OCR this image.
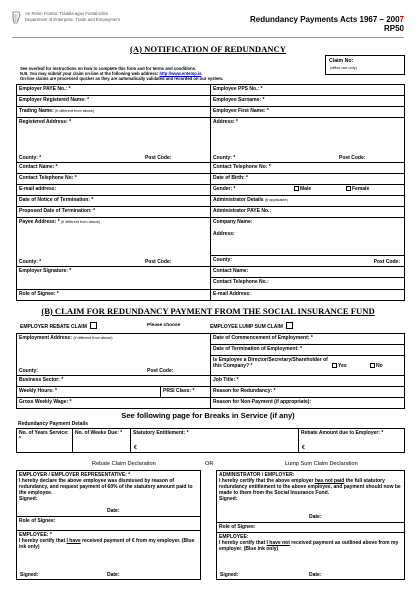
An Roinn Fiontar, Trádála agus Fostaíochta
Department of Enterprise, Trade and Employment	Redundancy Payments Acts 1967 – 2007
RP50
(A) NOTIFICATION OF REDUNDANCY
See overleaf for instructions on how to complete this form and for terms and conditions.
N.B. You may submit your claim on-line at the following web address: http://www.entemp.ie.
On-line claims are processed quicker as they are automatically validated and recorded on our system.
Claim No:
(office use only)
Employer PAYE No.: *	Employee PPS No.: *
Employer Registered Name: *	Employee Surname: *
Trading Name: (if different from above)	Employee First Name: *
Registered Address: *
County: * Post Code:	Address: *
County: * Post Code:

Contact Name: *	Contact Telephone No: *
Contact Telephone No: *	Date of Birth: *
E-mail address:	Gender: * Male Female

Date of Notice of Termination: *	Administrator Details (If applicable)
Proposed Date of Termination: *	Administrator PAYE No.:
Payee Address: * (if different from above)
County: * Post Code:	Company Name:

Address:
	County: Post Code:

Employer Signature: *	Contact Name:
	Contact Telephone No.:
Role of Signee: *	E-mail Address:
(B) CLAIM FOR REDUNDANCY PAYMENT FROM THE SOCIAL INSURANCE FUND
EMPLOYER REBATE CLAIM	Please choose	EMPLOYEE LUMP SUM CLAIM
Employment Address: (if different from above)
County: Post Code:		Date of Commencement of Employment: *
		Date of Termination of Employment: *

		Is Employee a Director/Secretary/Shareholder of this Company? * Yes No

Business Sector: *		Job Title: *
Weekly Hours: *	PRSI Class: *	Reason for Redundancy: *
Gross Weekly Wage: *		Reason for Non-Payment (if appropriate):
See following page for Breaks in Service (if any)
Redundancy Payment Details
No. of Years Service: *	No. of Weeks Due: *	Statutory Entitlement: *
€
	Rebate Amount due to Employer: *
€
Rebate Claim Declaration	OR	Lump Sum Claim Declaration
EMPLOYER / EMPLOYER REPRESENTATIVE: *
I hereby declare the above employee was dismissed by reason of redundancy, and request payment of 60% of the statutory amount paid to the employee.
Signed:
Date:

Role of Signee:
EMPLOYEE: *
I hereby certify that I have received payment of € from my employer. (Blue ink only)
Signed:	Date:
ADMINISTRATOR / EMPLOYER:
I hereby certify that the above employer has not paid the full statutory redundancy entitlement to the above employee, and payment should now be made to them from the Social Insurance Fund.
Signed:
Date:

Role of Signee:
EMPLOYEE:
I hereby certify that I have not received payment as outlined above from my employer. (Blue ink only)
Signed:	Date:
